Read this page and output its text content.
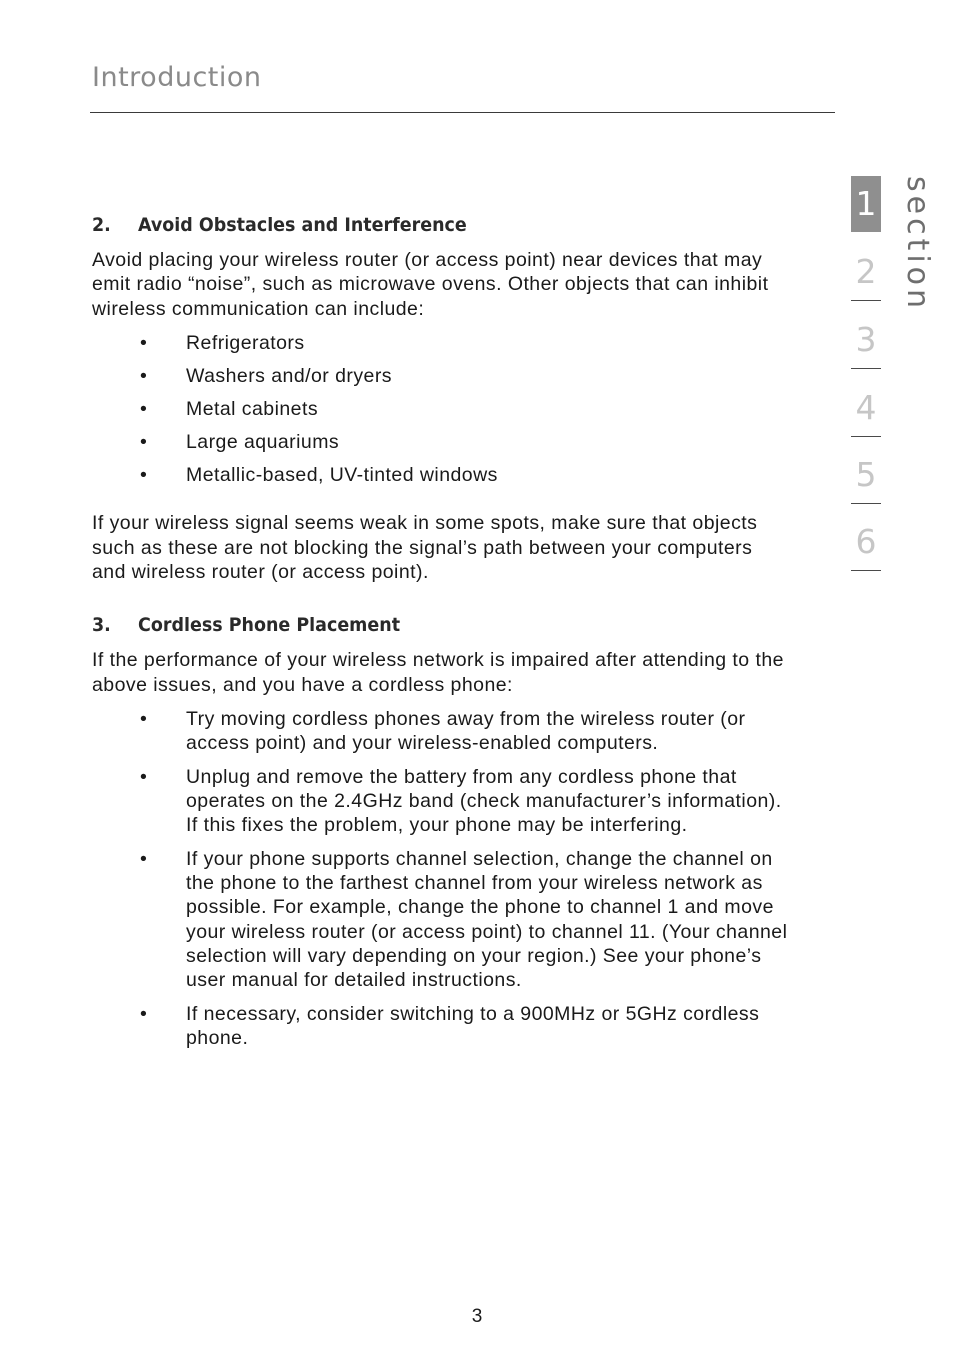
Introduction
section
1
2
3
4
5
6
2.	Avoid Obstacles and Interference

Avoid placing your wireless router (or access point) near devices that may emit radio “noise”, such as microwave ovens. Other objects that can inhibit wireless communication can include:

• Refrigerators
• Washers and/or dryers
• Metal cabinets
• Large aquariums
• Metallic-based, UV-tinted windows

If your wireless signal seems weak in some spots, make sure that objects such as these are not blocking the signal’s path between your computers and wireless router (or access point).

3.	Cordless Phone Placement

If the performance of your wireless network is impaired after attending to the above issues, and you have a cordless phone:

• Try moving cordless phones away from the wireless router (or access point) and your wireless-enabled computers.
• Unplug and remove the battery from any cordless phone that operates on the 2.4GHz band (check manufacturer’s information). If this fixes the problem, your phone may be interfering.
• If your phone supports channel selection, change the channel on the phone to the farthest channel from your wireless network as possible. For example, change the phone to channel 1 and move your wireless router (or access point) to channel 11. (Your channel selection will vary depending on your region.) See your phone’s user manual for detailed instructions.
• If necessary, consider switching to a 900MHz or 5GHz cordless phone.
3
